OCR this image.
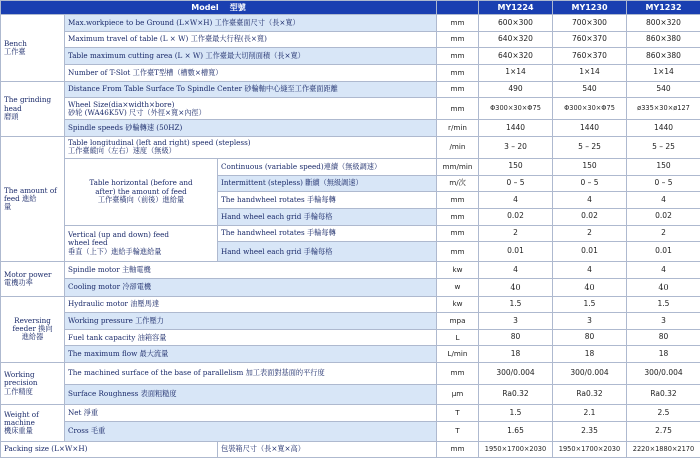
Model 型號				MY1224	MY1230	MY1232
Bench
工作臺	Max.workpiece to be Ground (L×W×H) 工作臺臺面尺寸（長×寬）		mm	600×300	700×300	800×320
	Maximum travel of table (L × W) 工作臺最大行程(長×寬)		mm	640×320	760×370	860×380
	Table maximum cutting area (L × W) 工作臺最大切削面積（長×寬）		mm	640×320	760×370	860×380
	Number of T-Slot 工作臺T型槽（槽數×槽寬）		mm	1×14	1×14	1×14
The grinding
head
磨頭	Distance From Table Surface To Spindle Center 砂輪軸中心縫至工作臺面距離		mm	490	540	540
	Wheel Size(dia×width×bore)
砂轮 (WA46K5V) 尺寸（外徑×寬×內徑）		mm	Φ300×30×Φ75	Φ300×30×Φ75	ø335×30×ø127
	Spindle speeds 砂輪轉速 (50HZ)		r/min	1440	1440	1440
The amount of
feed 進給
量	Table longitudinal (left and right) speed (stepless)
工作臺縱向（左右）速度（無級）		/min	3 – 20	5 – 25	5 – 25
	Table horizontal (before and
after) the amount of feed
工作臺橫向（前後）進給量	Continuous (variable speed)連續（無級調速）	mm/min	150	150	150
		Intermittent (stepless) 斷續（無級調速）	m/次	0 – 5	0 – 5	0 – 5
		The handwheel rotates 手輪每轉	mm	4	4	4
		Hand wheel each grid 手輪每格	mm	0.02	0.02	0.02
	Vertical (up and down) feed
wheel feed
垂直（上下）進給手輪進給量	The handwheel rotates 手輪每轉	mm	2	2	2
		Hand wheel each grid 手輪每格	mm	0.01	0.01	0.01
Motor power
電機功率	Spindle motor 主軸電機		kw	4	4	4
	Cooling motor 冷卻電機		w	40	40	40
Reversing
feeder 換向
進給器	Hydraulic motor 油壓馬達		kw	1.5	1.5	1.5
	Working pressure 工作壓力		mpa	3	3	3
	Fuel tank capacity 油箱容量		L	80	80	80
	The maximum flow 最大流量		L/min	18	18	18
Working
precision
工作精度	The machined surface of the base of parallelism 加工表面對基面的平行度		mm	300/0.004	300/0.004	300/0.004
	Surface Roughness 表面粗糙度		μm	Ra0.32	Ra0.32	Ra0.32
Weight of
machine
機床重量	Net 淨重		T	1.5	2.1	2.5
	Cross 毛重		T	1.65	2.35	2.75
Packing size (L×W×H)		包裝箱尺寸（長×寬×高）	mm	1950×1700×2030	1950×1700×2030	2220×1880×2170
